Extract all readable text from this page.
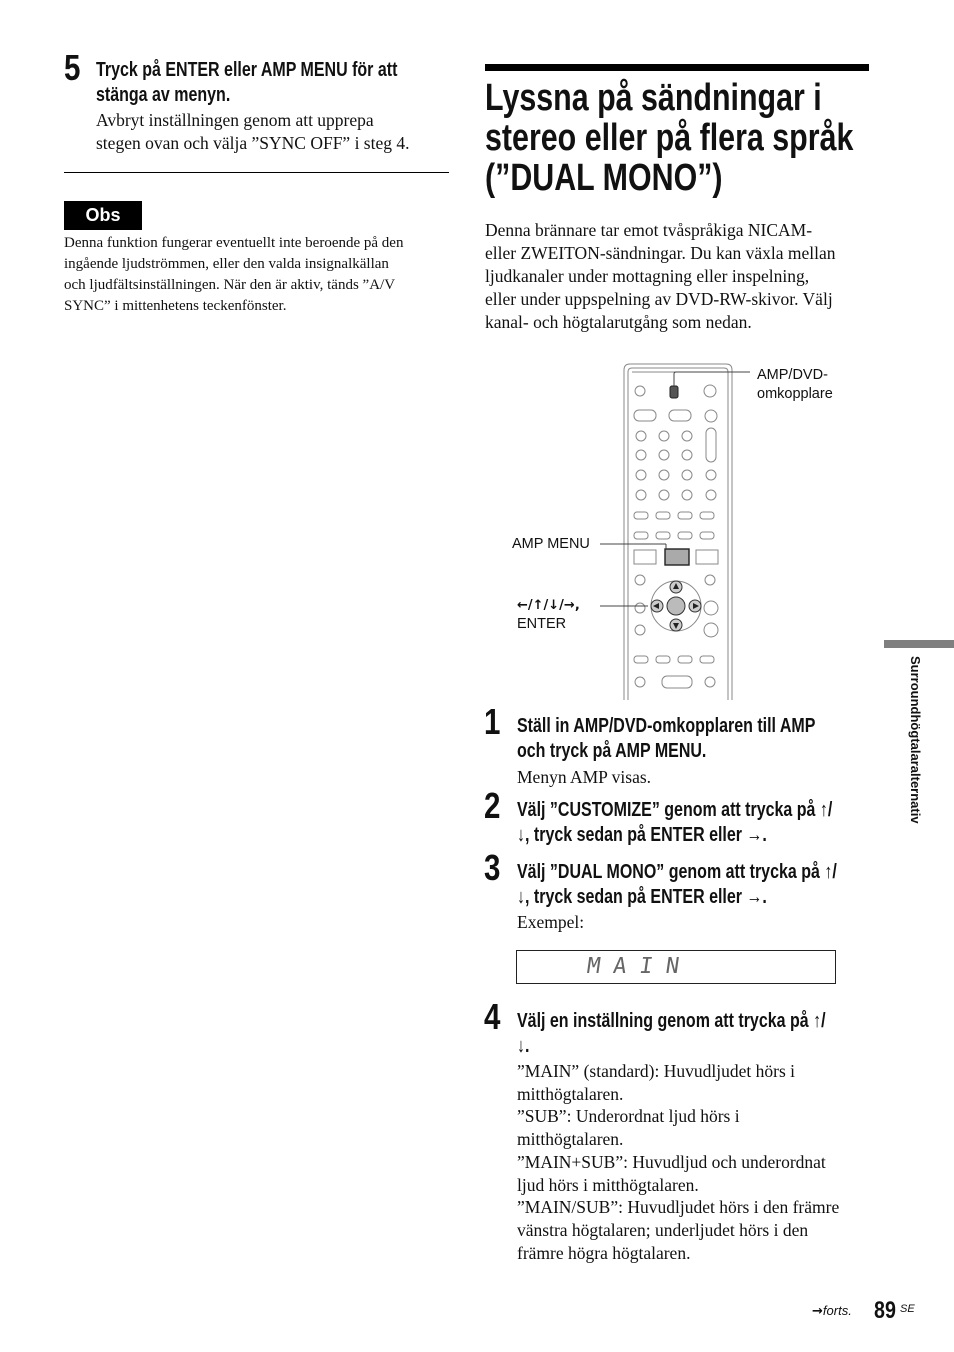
5 Tryck på ENTER eller AMP MENU för att
stänga av menyn.
Avbryt inställningen genom att upprepa
stegen ovan och välja ”SYNC OFF” i steg 4.
Obs
Denna funktion fungerar eventuellt inte beroende på den
ingående ljudströmmen, eller den valda insignalkällan
och ljudfältsinställningen. När den är aktiv, tänds ”A/V
SYNC” i mittenhetens teckenfönster.
Lyssna på sändningar i
stereo eller på flera språk
(”DUAL MONO”)
Denna brännare tar emot tvåspråkiga NICAM-
eller ZWEITON-sändningar. Du kan växla mellan
ljudkanaler under mottagning eller inspelning,
eller under uppspelning av DVD-RW-skivor. Välj
kanal- och högtalarutgång som nedan.
AMP/DVD-
omkopplare
AMP MENU
←/↑/↓/→,
ENTER
1 Ställ in AMP/DVD-omkopplaren till AMP
och tryck på AMP MENU.
Menyn AMP visas.
2 Välj ”CUSTOMIZE” genom att trycka på ↑/
↓, tryck sedan på ENTER eller →.
3 Välj ”DUAL MONO” genom att trycka på ↑/
↓, tryck sedan på ENTER eller →.
Exempel:
MAIN
4 Välj en inställning genom att trycka på ↑/
↓.
”MAIN” (standard): Huvudljudet hörs i
mitthögtalaren.
”SUB”: Underordnat ljud hörs i
mitthögtalaren.
”MAIN+SUB”: Huvudljud och underordnat
ljud hörs i mitthögtalaren.
”MAIN/SUB”: Huvudljudet hörs i den främre
vänstra högtalaren; underljudet hörs i den
främre högra högtalaren.
Surroundhögtalaralternativ
→forts. 89 SE
